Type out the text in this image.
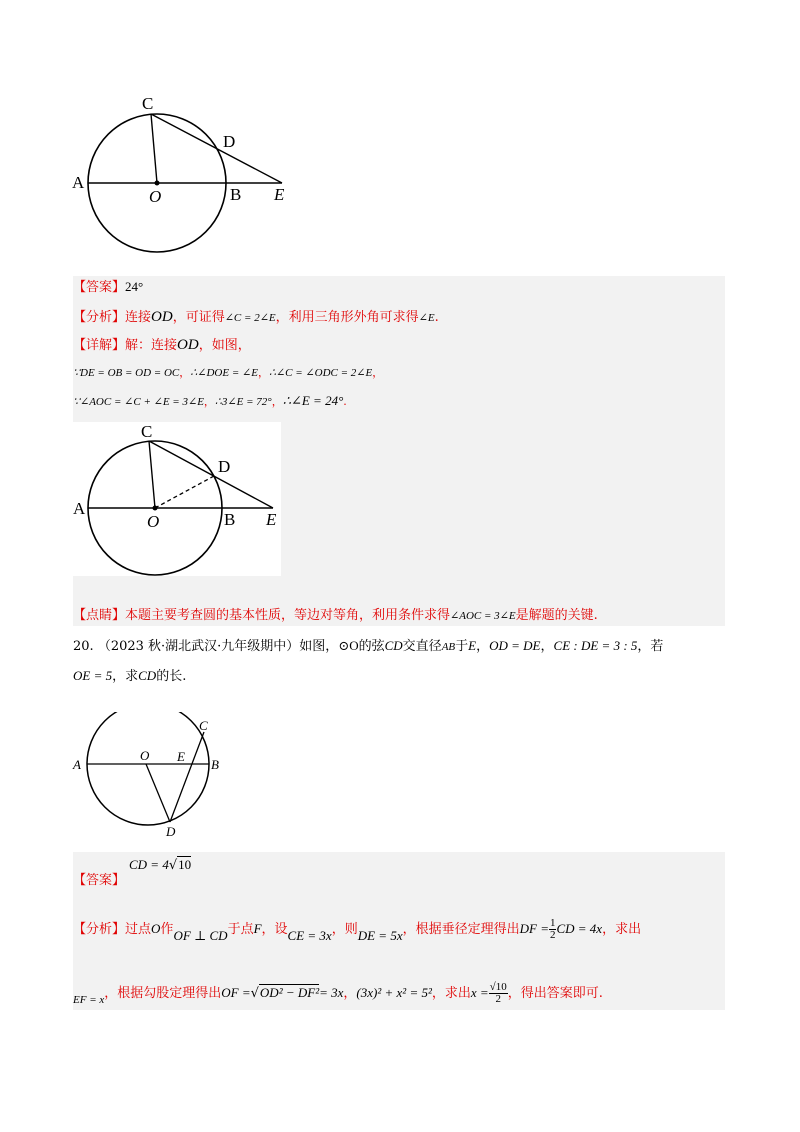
C
D
A
O	B E
【答案】24°
【分析】连接OD，可证得∠C = 2∠E，利用三角形外角可求得∠E.
【详解】解：连接OD，如图，
∵DE = OB = OD = OC，∴∠DOE = ∠E，∴∠C = ∠ODC = 2∠E，
∵∠AOC = ∠C + ∠E = 3∠E，∴3∠E = 72°，∴∠E = 24°.
C
D
A
O	B E
【点睛】本题主要考查圆的基本性质，等边对等角，利用条件求得∠AOC = 3∠E是解题的关键.
20. （2023 秋·湖北武汉·九年级期中）如图，⊙O的弦CD交直径AB于E，OD = DE，CE : DE = 3 : 5，若
OE = 5，求CD的长.
C
O E
A	B
D
CD = 4√10
【答案】
【分析】过点O作OF ⊥ CD于点F，设CE = 3x，则DE = 5x，根据垂径定理得出DF = $\frac{1}{2}$ CD = 4x，求出
$_{EF = x}$，根据勾股定理得出OF =√OD² − DF²= 3x，(3x)² + x² = 5²，求出$x = \frac{√10}{2}$ ，得出答案即可.
